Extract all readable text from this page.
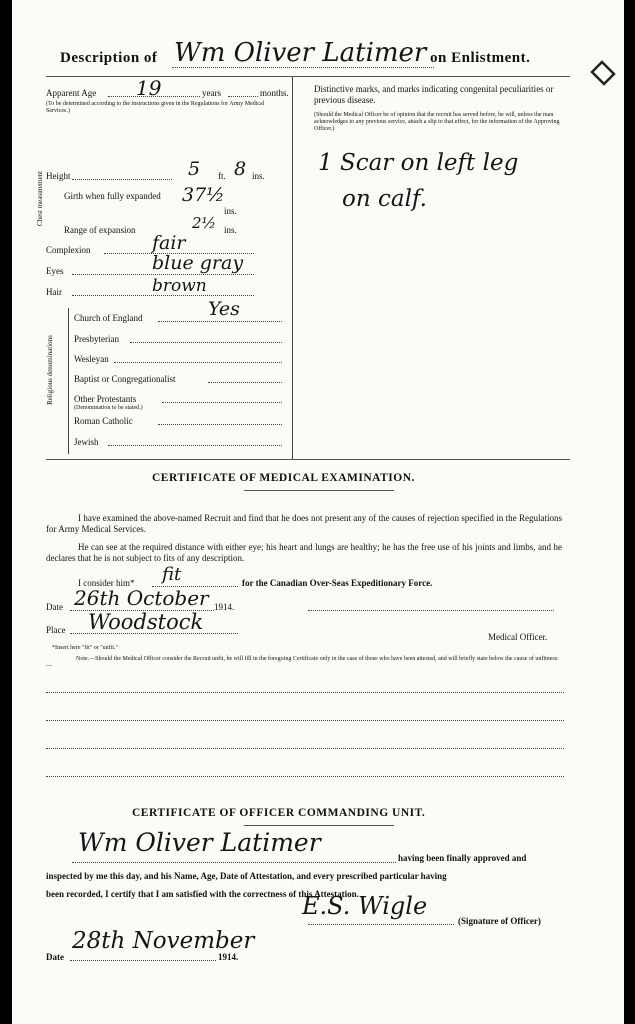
Description of Wm Oliver Latimer on Enlistment.
Apparent Age 19	years	months.
(To be determined according to the instructions given in the Regulations for Army Medical Services.)
Height	5 ft. 8 ins.
Chest measurement Girth when fully expanded	37½
ins.
Range of expansion	2½ ins.
Complexion	fair
Eyes	blue gray
Hair	brown
Religious denominations
Church of England	Yes
Presbyterian
Wesleyan
Baptist or Congregationalist
Other Protestants
(Denomination to be stated.)
Roman Catholic
Jewish
Distinctive marks, and marks indicating congenital peculiarities or previous disease.
(Should the Medical Officer be of opinion that the recruit has served before, he will, unless the man acknowledges to any previous service, attach a slip to that effect, for the information of the Approving Officer.)
1 Scar on left leg
on calf.
CERTIFICATE OF MEDICAL EXAMINATION.
I have examined the above-named Recruit and find that he does not present any of the causes of rejection specified in the Regulations for Army Medical Services.
He can see at the required distance with either eye; his heart and lungs are healthy; he has the free use of his joints and limbs, and he declares that he is not subject to fits of any description.
I consider him* fit	for the Canadian Over-Seas Expeditionary Force.
Date 26th October 1914.
Place Woodstock
Medical Officer.
*Insert here "fit" or "unfit."
Note.—Should the Medical Officer consider the Recruit unfit, he will fill in the foregoing Certificate only in the case of those who have been attested, and will briefly state below the cause of unfitness:—
CERTIFICATE OF OFFICER COMMANDING UNIT.
Wm Oliver Latimer
having been finally approved and
inspected by me this day, and his Name, Age, Date of Attestation, and every prescribed particular having
been recorded, I certify that I am satisfied with the correctness of this Attestation.
E.S. Wigle
(Signature of Officer)
Date
28th November
1914.
